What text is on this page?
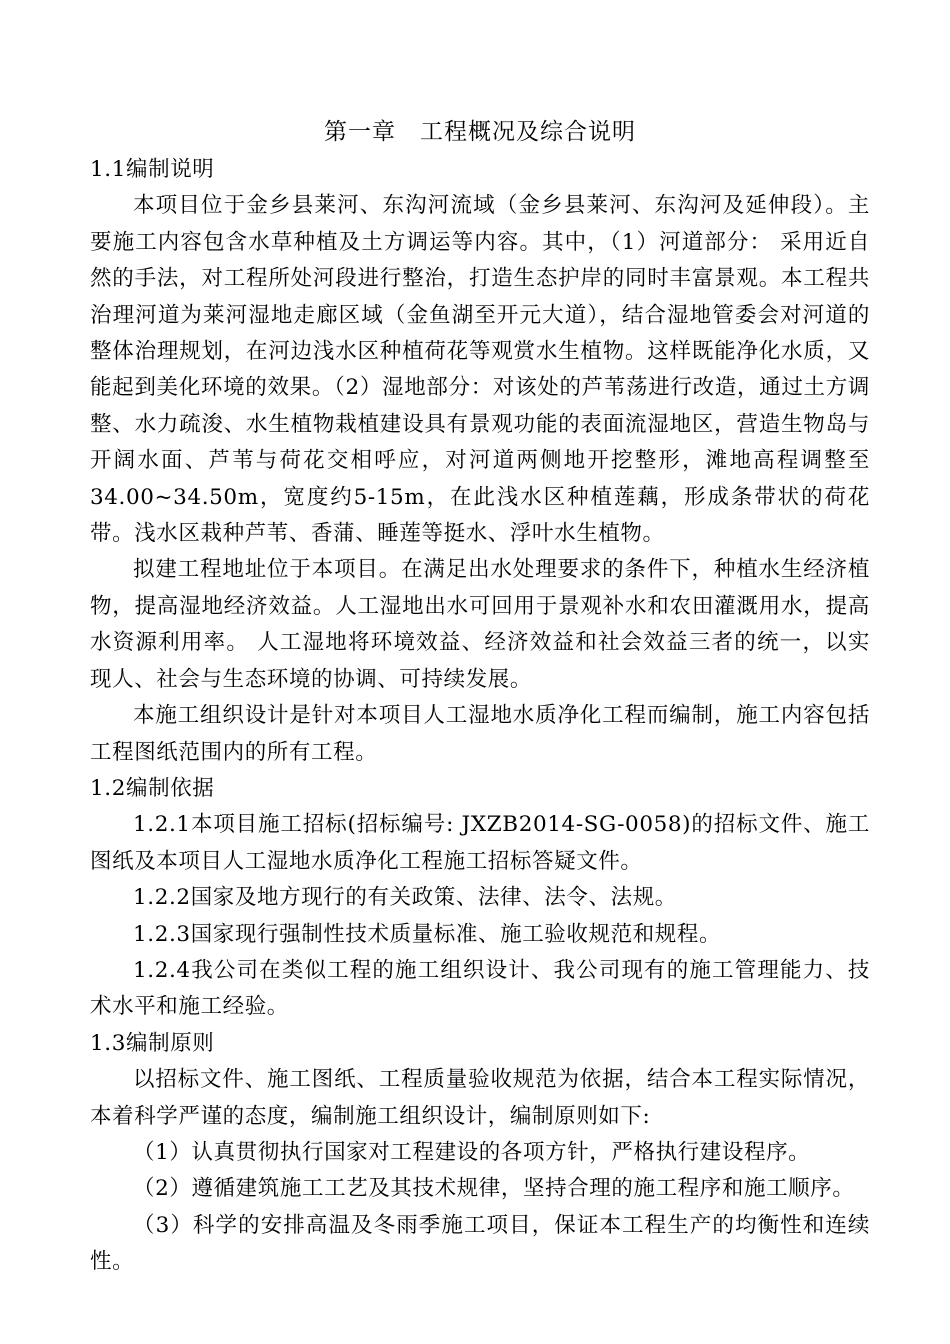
第一章　工程概况及综合说明

1.1编制说明

本项目位于金乡县莱河、东沟河流域（金乡县莱河、东沟河及延伸段）。主要施工内容包含水草种植及土方调运等内容。其中，（1）河道部分： 采用近自然的手法，对工程所处河段进行整治，打造生态护岸的同时丰富景观。本工程共治理河道为莱河湿地走廊区域（金鱼湖至开元大道），结合湿地管委会对河道的整体治理规划，在河边浅水区种植荷花等观赏水生植物。这样既能净化水质，又能起到美化环境的效果。（2）湿地部分：对该处的芦苇荡进行改造，通过土方调整、水力疏浚、水生植物栽植建设具有景观功能的表面流湿地区，营造生物岛与开阔水面、芦苇与荷花交相呼应，对河道两侧地开挖整形，滩地高程调整至34.00~34.50m，宽度约5-15m，在此浅水区种植莲藕，形成条带状的荷花带。浅水区栽种芦苇、香蒲、睡莲等挺水、浮叶水生植物。

拟建工程地址位于本项目。在满足出水处理要求的条件下，种植水生经济植物，提高湿地经济效益。人工湿地出水可回用于景观补水和农田灌溉用水，提高水资源利用率。 人工湿地将环境效益、经济效益和社会效益三者的统一，以实现人、社会与生态环境的协调、可持续发展。

本施工组织设计是针对本项目人工湿地水质净化工程而编制，施工内容包括工程图纸范围内的所有工程。

1.2编制依据

1.2.1本项目施工招标(招标编号: JXZB2014-SG-0058)的招标文件、施工图纸及本项目人工湿地水质净化工程施工招标答疑文件。

1.2.2国家及地方现行的有关政策、法律、法令、法规。

1.2.3国家现行强制性技术质量标准、施工验收规范和规程。

1.2.4我公司在类似工程的施工组织设计、我公司现有的施工管理能力、技术水平和施工经验。

1.3编制原则

以招标文件、施工图纸、工程质量验收规范为依据，结合本工程实际情况，本着科学严谨的态度，编制施工组织设计，编制原则如下:

（1）认真贯彻执行国家对工程建设的各项方针，严格执行建设程序。

（2）遵循建筑施工工艺及其技术规律，坚持合理的施工程序和施工顺序。

（3）科学的安排高温及冬雨季施工项目，保证本工程生产的均衡性和连续性。
